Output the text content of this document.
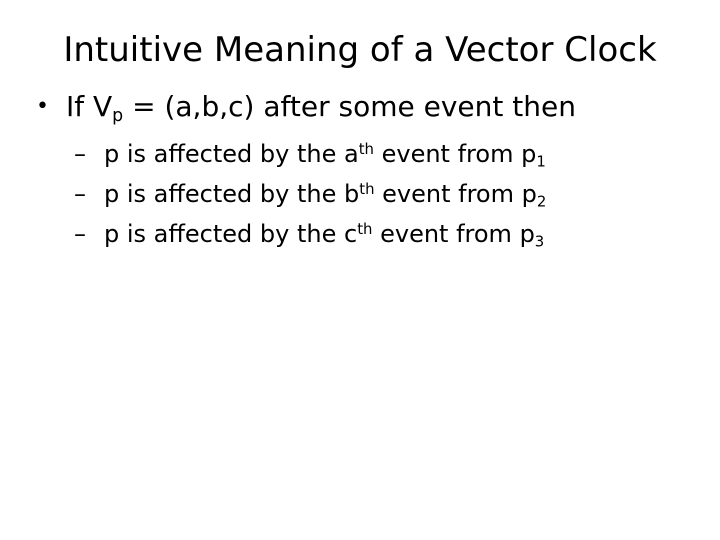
Intuitive Meaning of a Vector Clock
• If $V_p = (a,b,c)$ after some event then
– p is affected by the $a^{th}$ event from $p_1$
– p is affected by the $b^{th}$ event from $p_2$
– p is affected by the $c^{th}$ event from $p_3$
